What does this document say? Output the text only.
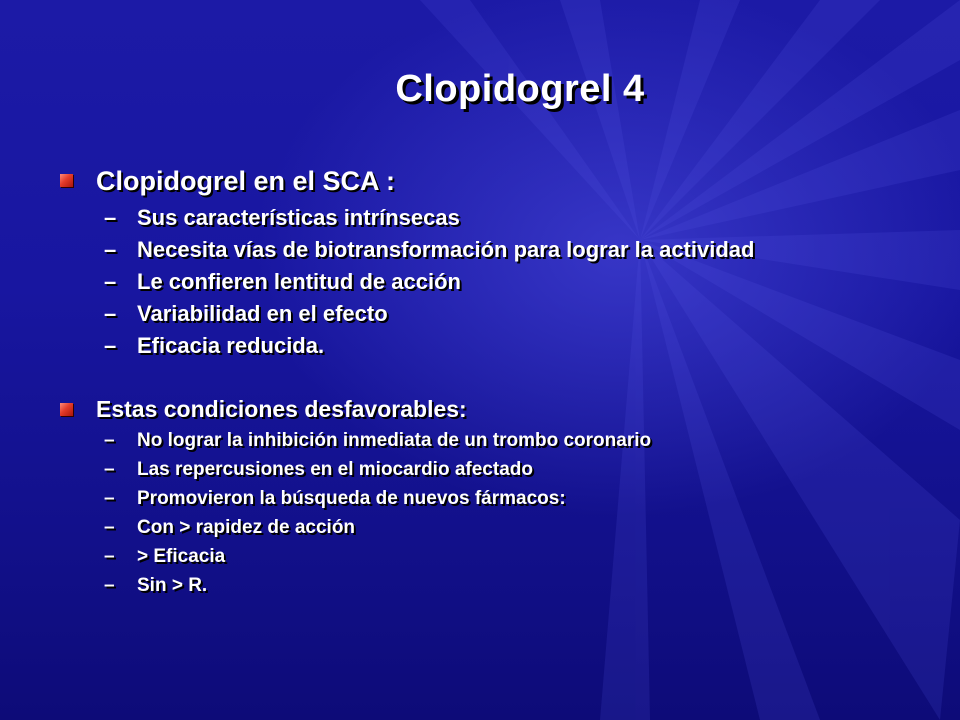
Clopidogrel 4
Clopidogrel en el SCA :
– Sus características intrínsecas
– Necesita vías de biotransformación para lograr la actividad
– Le confieren lentitud de acción
– Variabilidad en el efecto
– Eficacia reducida.
Estas condiciones desfavorables:
– No lograr la inhibición inmediata de un trombo coronario
– Las repercusiones en el miocardio afectado
– Promovieron la búsqueda de nuevos fármacos:
– Con > rapidez de acción
– > Eficacia
– Sin > R.
